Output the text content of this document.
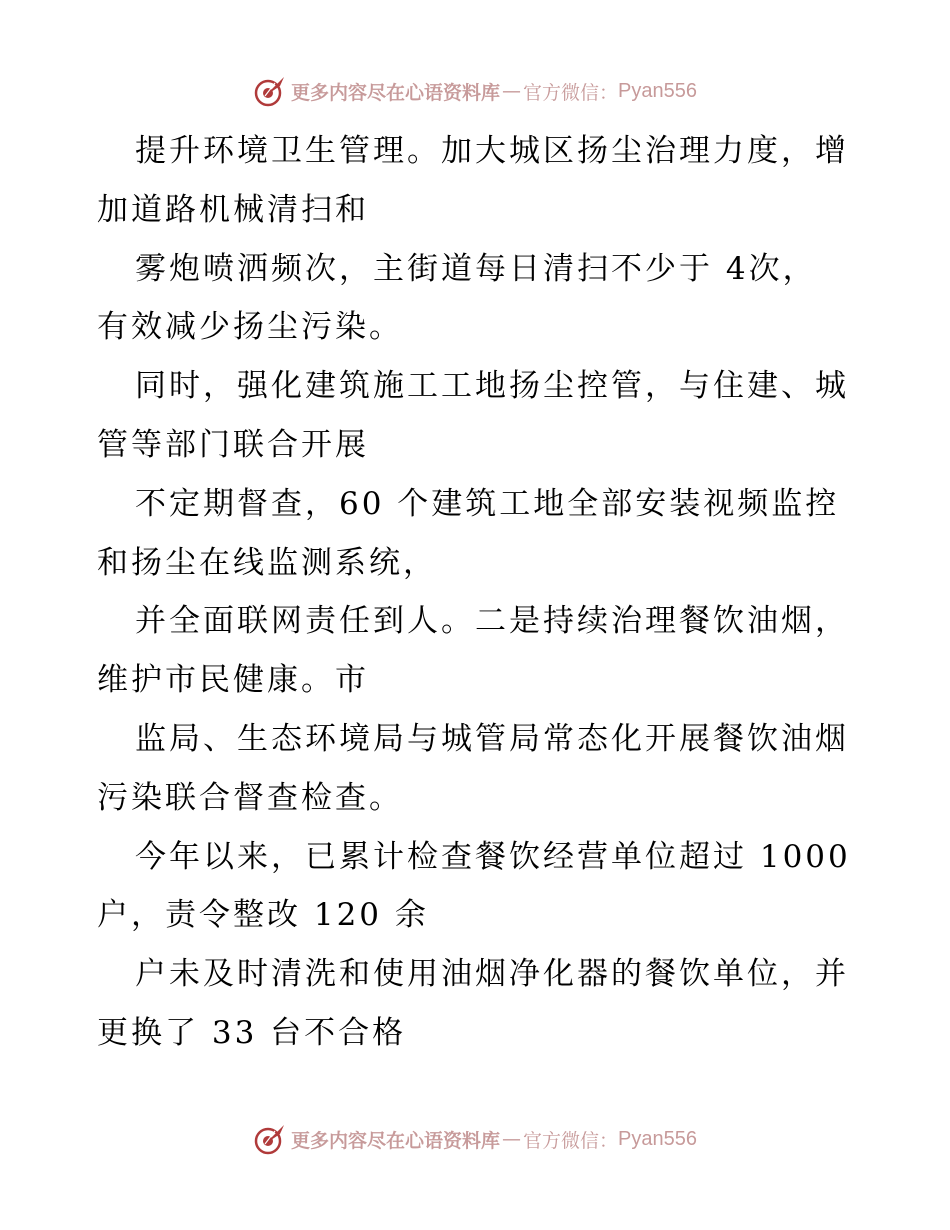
更多内容尽在心语资料库 — 官方微信： Pyan556
提升环境卫生管理。加大城区扬尘治理力度，增
加道路机械清扫和
雾炮喷洒频次，主街道每日清扫不少于 4次，
有效减少扬尘污染。
同时，强化建筑施工工地扬尘控管，与住建、城
管等部门联合开展
不定期督查，60 个建筑工地全部安装视频监控
和扬尘在线监测系统，
并全面联网责任到人。二是持续治理餐饮油烟，
维护市民健康。市
监局、生态环境局与城管局常态化开展餐饮油烟
污染联合督查检查。
今年以来，已累计检查餐饮经营单位超过 1000
户，责令整改 120 余
户未及时清洗和使用油烟净化器的餐饮单位，并
更换了 33 台不合格
更多内容尽在心语资料库 — 官方微信： Pyan556
